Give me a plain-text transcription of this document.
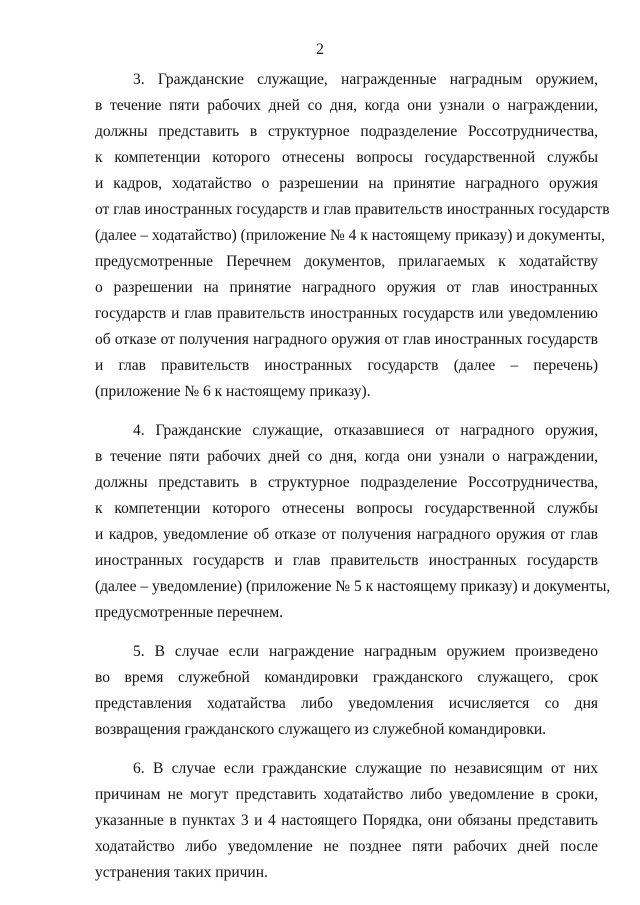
2
3. Гражданские служащие, награжденные наградным оружием,
в течение пяти рабочих дней со дня, когда они узнали о награждении,
должны представить в структурное подразделение Россотрудничества,
к компетенции которого отнесены вопросы государственной службы
и кадров, ходатайство о разрешении на принятие наградного оружия
от глав иностранных государств и глав правительств иностранных государств
(далее – ходатайство) (приложение № 4 к настоящему приказу) и документы,
предусмотренные Перечнем документов, прилагаемых к ходатайству
о разрешении на принятие наградного оружия от глав иностранных
государств и глав правительств иностранных государств или уведомлению
об отказе от получения наградного оружия от глав иностранных государств
и глав правительств иностранных государств (далее – перечень)
(приложение № 6 к настоящему приказу).
4. Гражданские служащие, отказавшиеся от наградного оружия,
в течение пяти рабочих дней со дня, когда они узнали о награждении,
должны представить в структурное подразделение Россотрудничества,
к компетенции которого отнесены вопросы государственной службы
и кадров, уведомление об отказе от получения наградного оружия от глав
иностранных государств и глав правительств иностранных государств
(далее – уведомление) (приложение № 5 к настоящему приказу) и документы,
предусмотренные перечнем.
5. В случае если награждение наградным оружием произведено
во время служебной командировки гражданского служащего, срок
представления ходатайства либо уведомления исчисляется со дня
возвращения гражданского служащего из служебной командировки.
6. В случае если гражданские служащие по независящим от них
причинам не могут представить ходатайство либо уведомление в сроки,
указанные в пунктах 3 и 4 настоящего Порядка, они обязаны представить
ходатайство либо уведомление не позднее пяти рабочих дней после
устранения таких причин.
